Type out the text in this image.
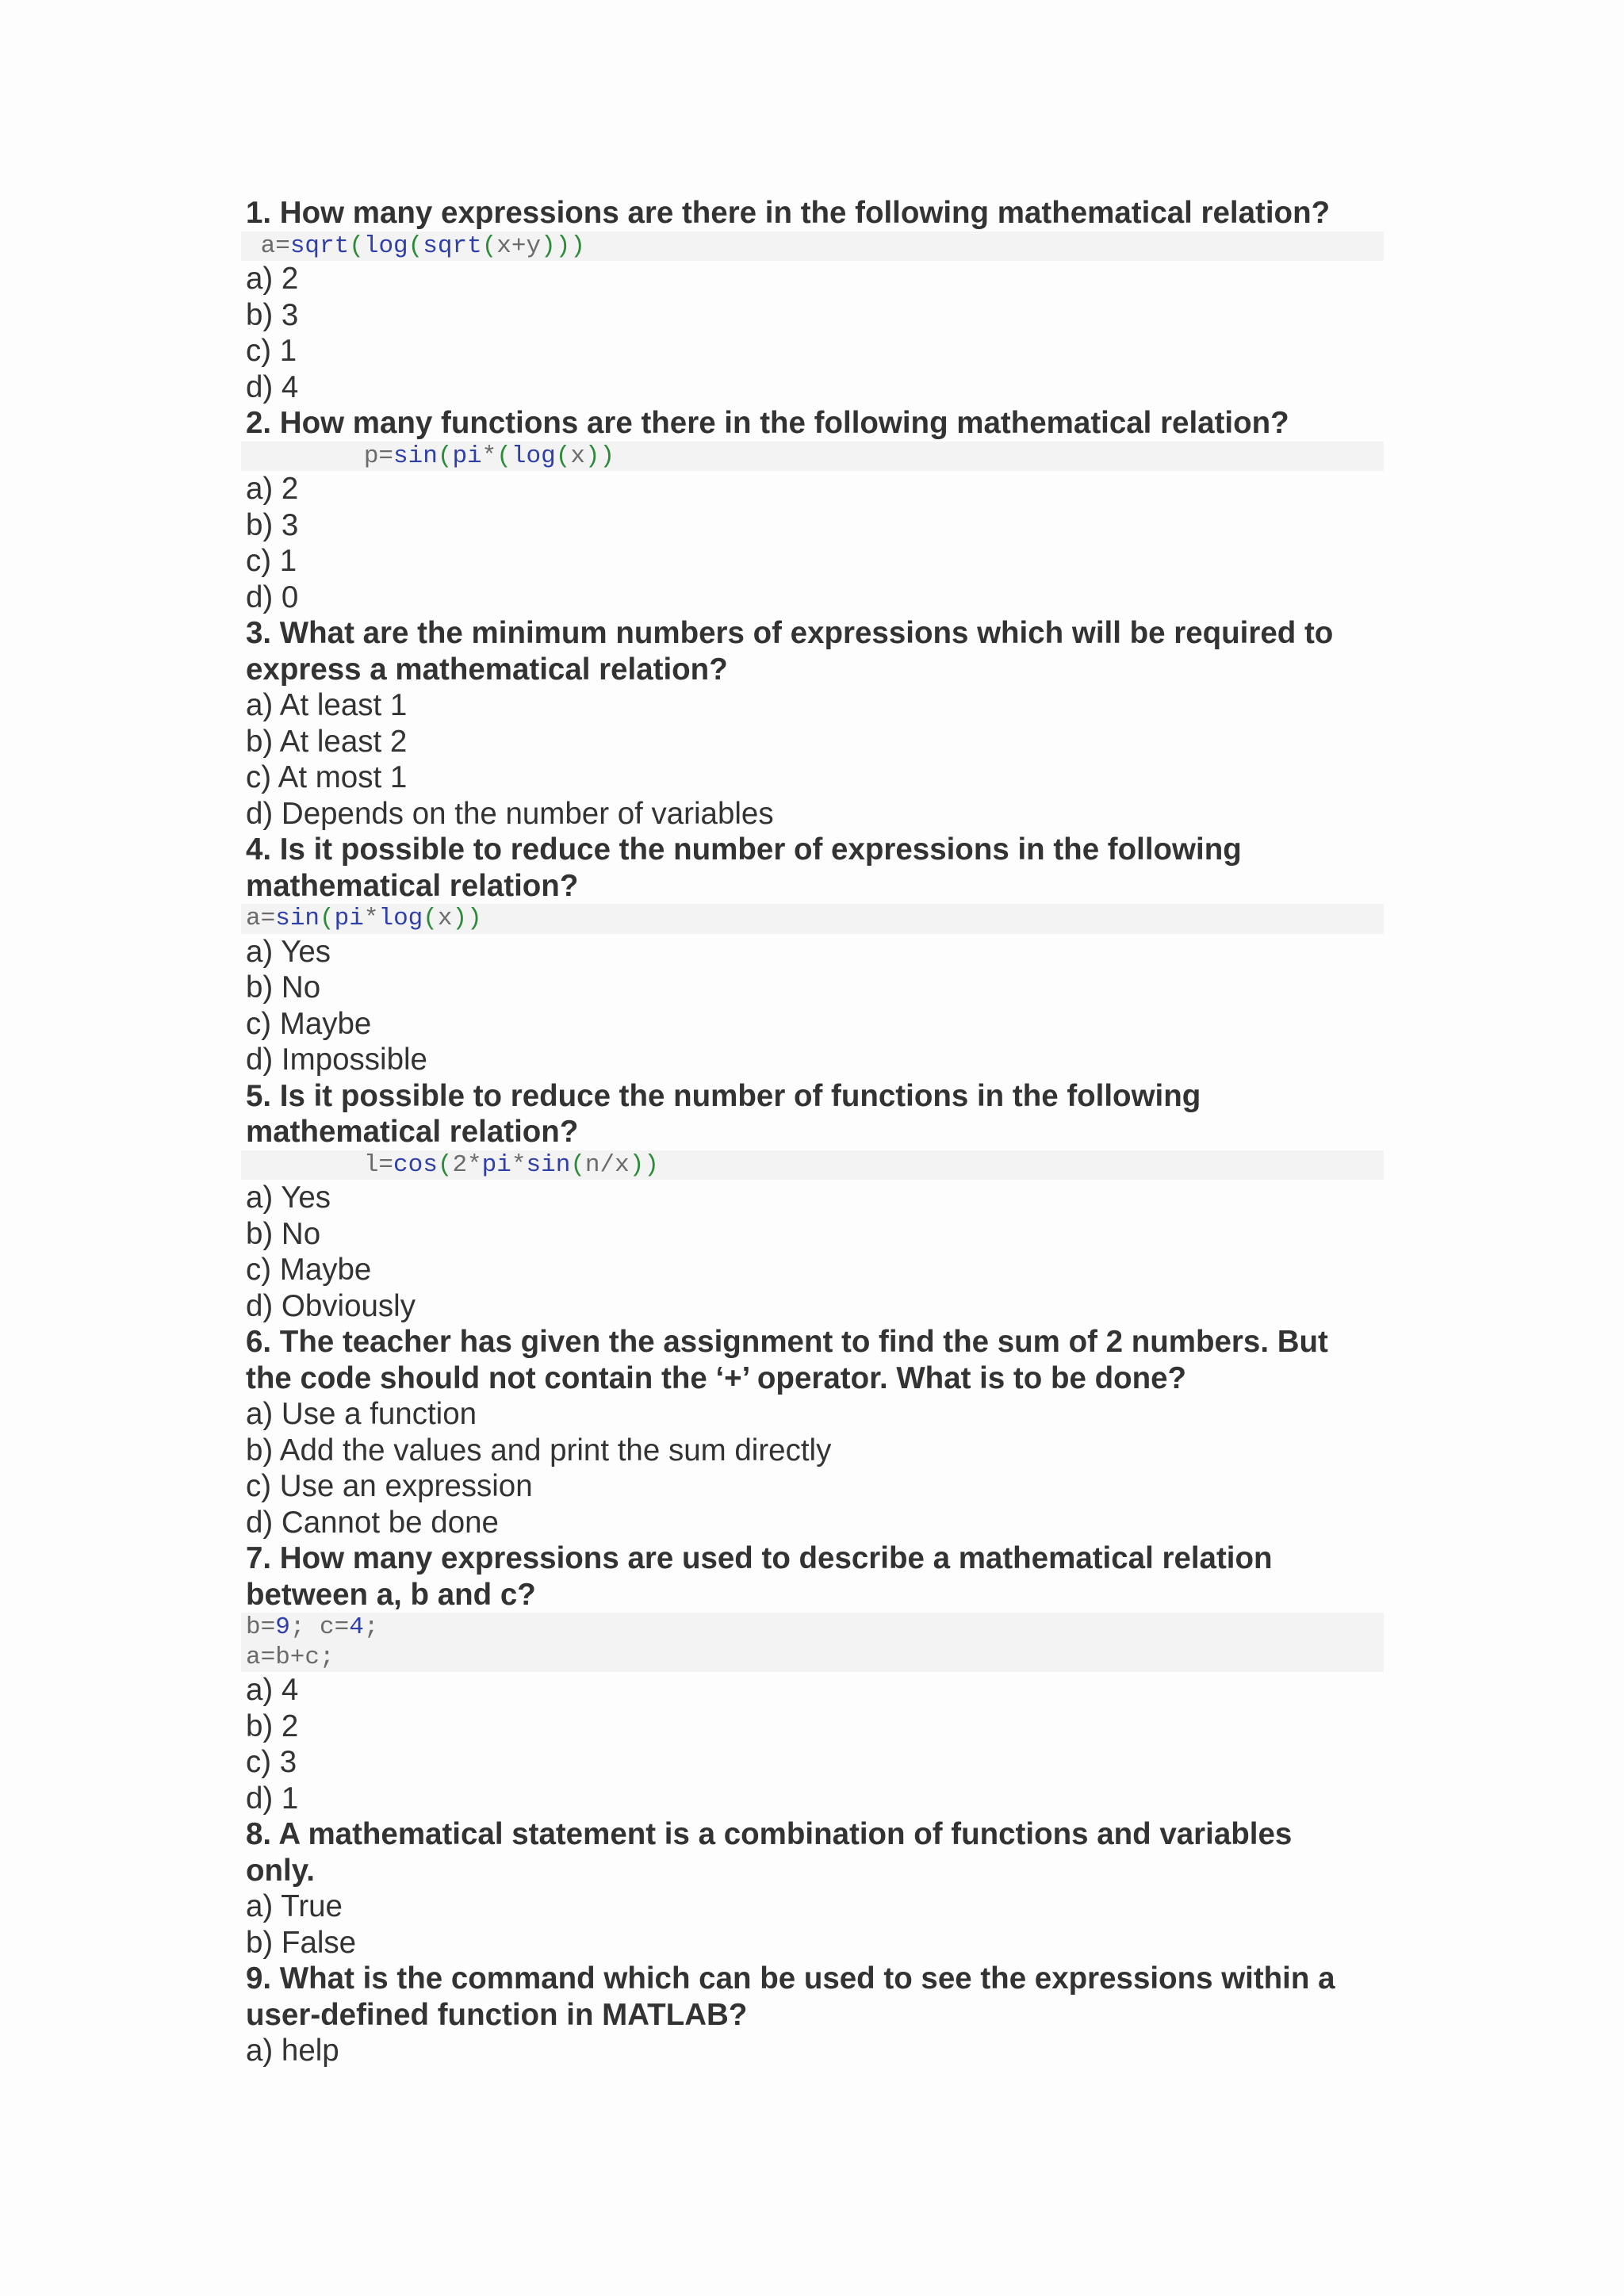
1. How many expressions are there in the following mathematical relation?
a=sqrt(log(sqrt(x+y)))
a) 2
b) 3
c) 1
d) 4
2. How many functions are there in the following mathematical relation?
p=sin(pi*(log(x))
a) 2
b) 3
c) 1
d) 0
3. What are the minimum numbers of expressions which will be required to
express a mathematical relation?
a) At least 1
b) At least 2
c) At most 1
d) Depends on the number of variables
4. Is it possible to reduce the number of expressions in the following
mathematical relation?
a=sin(pi*log(x))
a) Yes
b) No
c) Maybe
d) Impossible
5. Is it possible to reduce the number of functions in the following
mathematical relation?
l=cos(2*pi*sin(n/x))
a) Yes
b) No
c) Maybe
d) Obviously
6. The teacher has given the assignment to find the sum of 2 numbers. But
the code should not contain the ‘+’ operator. What is to be done?
a) Use a function
b) Add the values and print the sum directly
c) Use an expression
d) Cannot be done
7. How many expressions are used to describe a mathematical relation
between a, b and c?
b=9; c=4;
a=b+c;
a) 4
b) 2
c) 3
d) 1
8. A mathematical statement is a combination of functions and variables
only.
a) True
b) False
9. What is the command which can be used to see the expressions within a
user-defined function in MATLAB?
a) help
